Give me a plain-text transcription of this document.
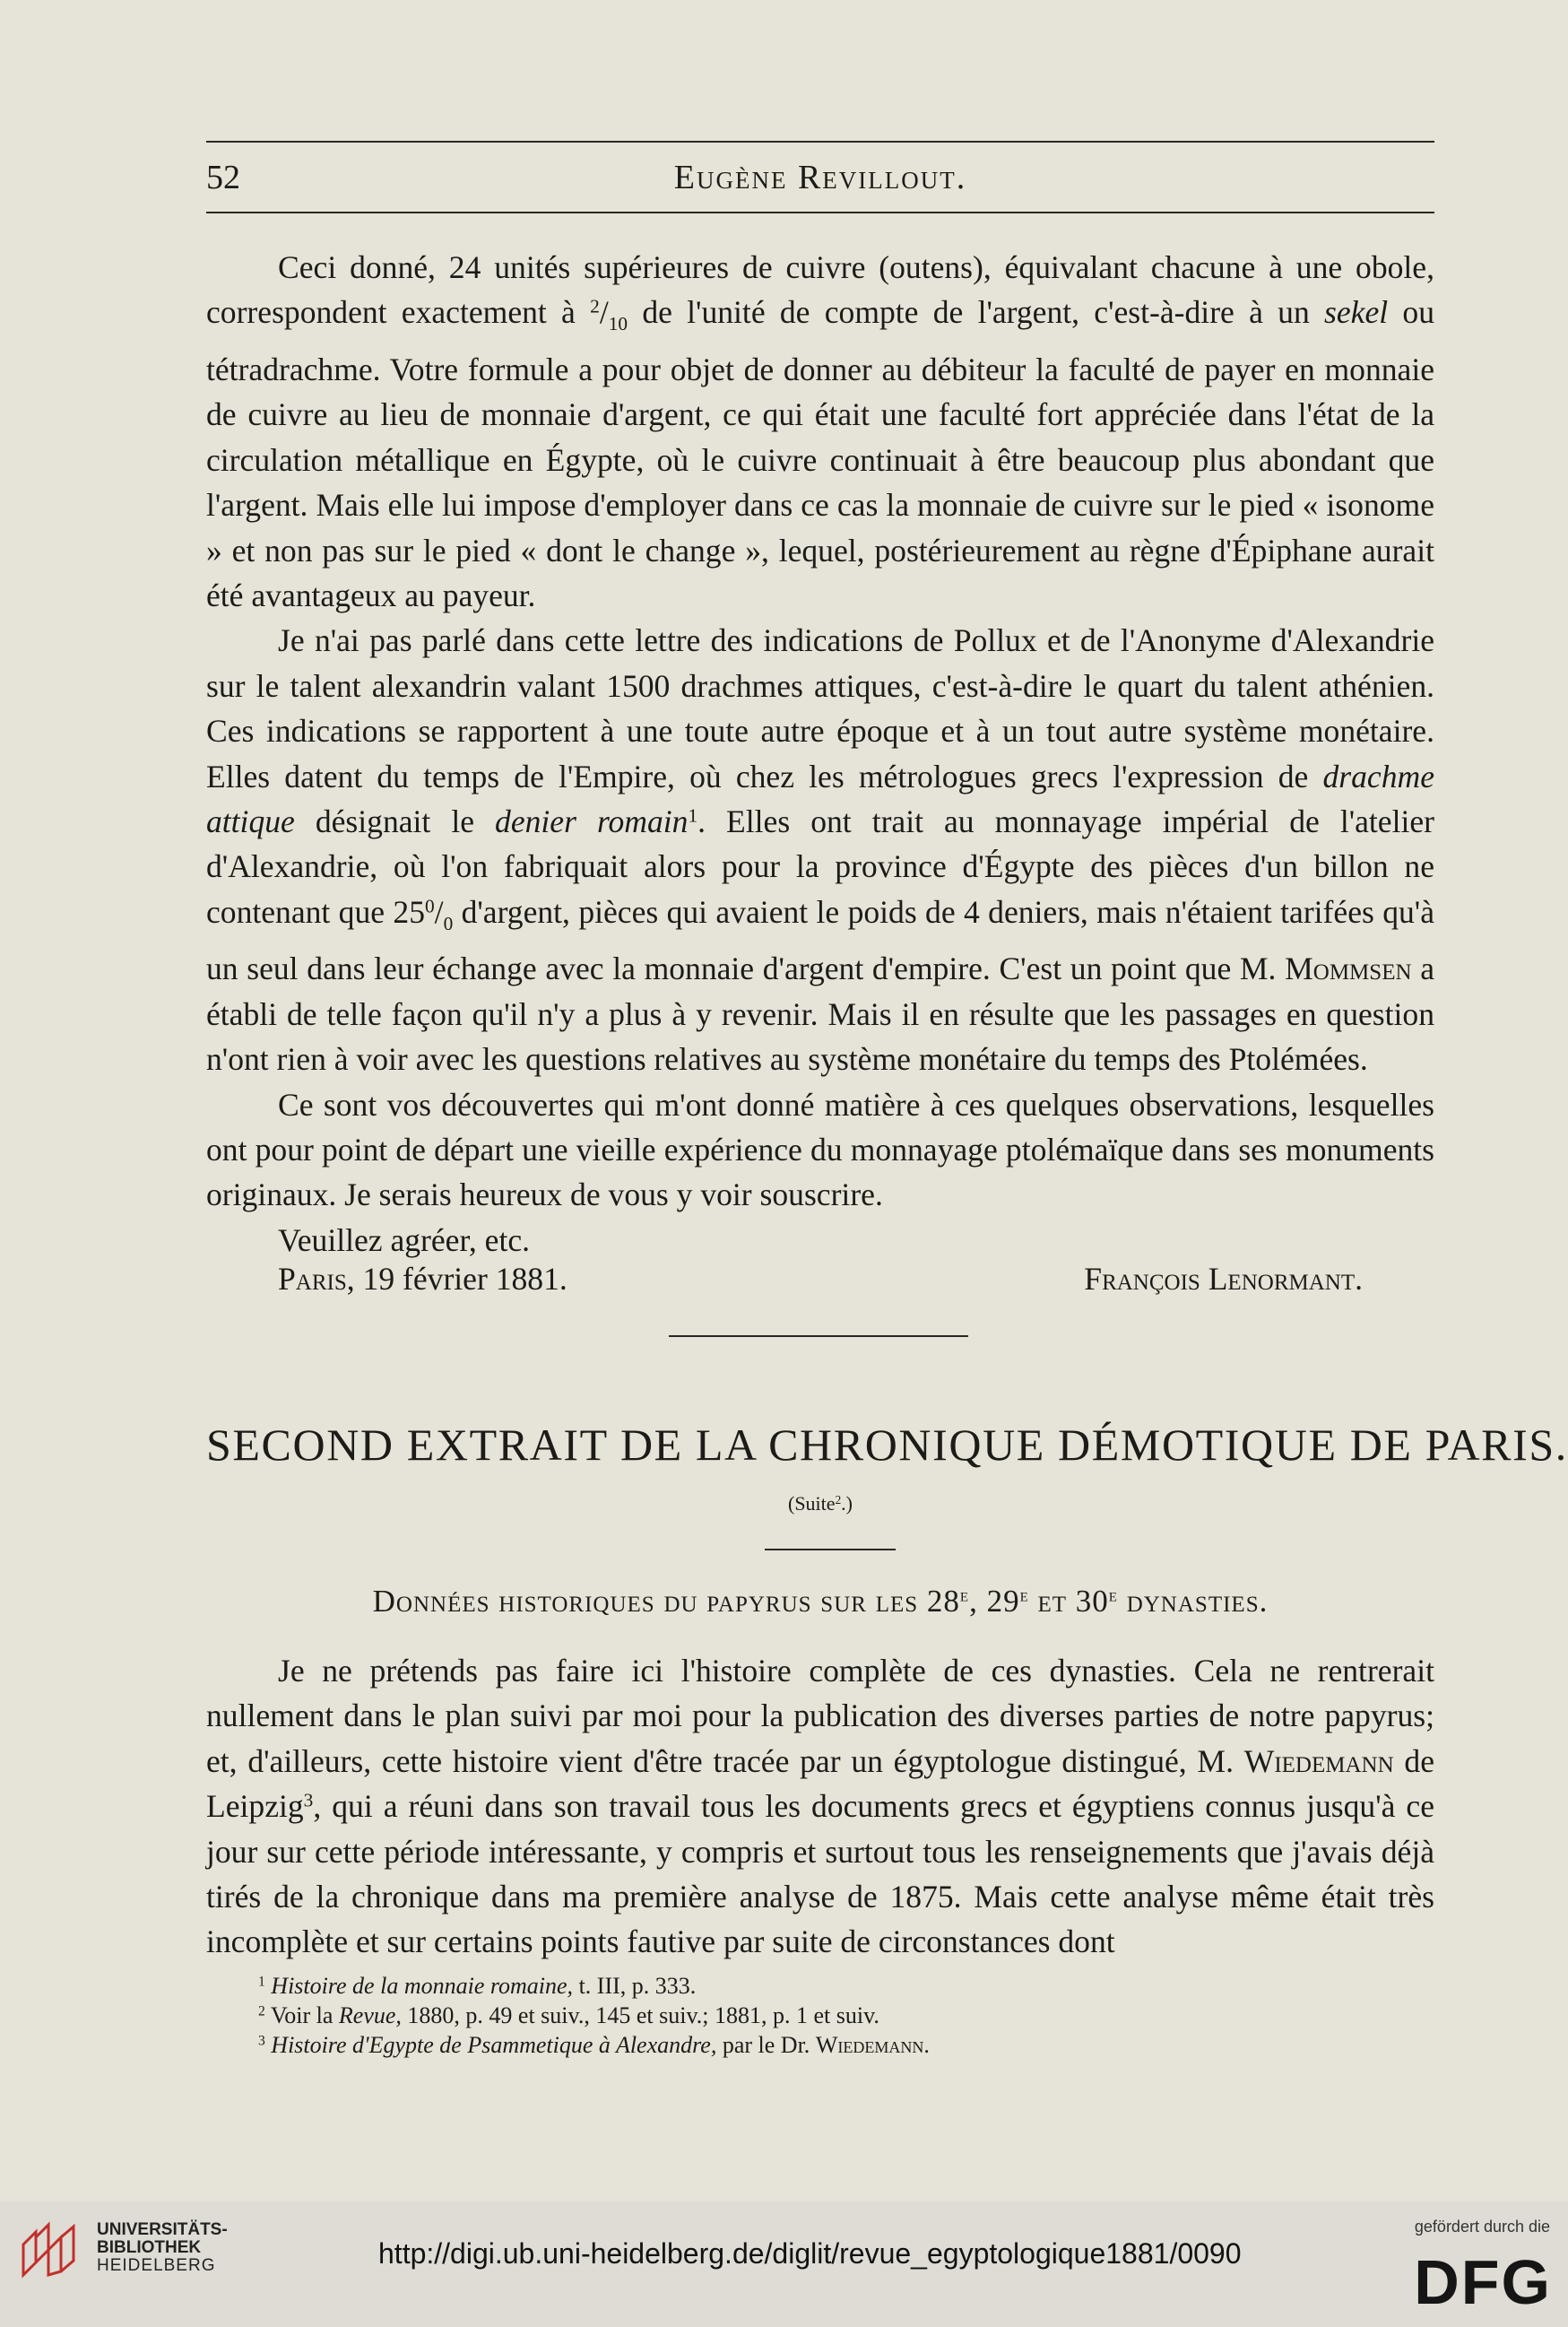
52	Eugène Revillout.

Ceci donné, 24 unités supérieures de cuivre (outens), équivalant chacune à une obole, correspondent exactement à $^2/_{10}$ de l'unité de compte de l'argent, c'est-à-dire à un sekel ou tétradrachme. Votre formule a pour objet de donner au débiteur la faculté de payer en monnaie de cuivre au lieu de monnaie d'argent, ce qui était une faculté fort appréciée dans l'état de la circulation métallique en Égypte, où le cuivre continuait à être beaucoup plus abondant que l'argent. Mais elle lui impose d'employer dans ce cas la monnaie de cuivre sur le pied « isonome » et non pas sur le pied « dont le change », lequel, postérieurement au règne d'Épiphane aurait été avantageux au payeur.

Je n'ai pas parlé dans cette lettre des indications de Pollux et de l'Anonyme d'Alexandrie sur le talent alexandrin valant 1500 drachmes attiques, c'est-à-dire le quart du talent athénien. Ces indications se rapportent à une toute autre époque et à un tout autre système monétaire. Elles datent du temps de l'Empire, où chez les métrologues grecs l'expression de drachme attique désignait le denier romain$^1$. Elles ont trait au monnayage impérial de l'atelier d'Alexandrie, où l'on fabriquait alors pour la province d'Égypte des pièces d'un billon ne contenant que $25^0/_0$ d'argent, pièces qui avaient le poids de 4 deniers, mais n'étaient tarifées qu'à un seul dans leur échange avec la monnaie d'argent d'empire. C'est un point que M. Mommsen a établi de telle façon qu'il n'y a plus à y revenir. Mais il en résulte que les passages en question n'ont rien à voir avec les questions relatives au système monétaire du temps des Ptolémées.

Ce sont vos découvertes qui m'ont donné matière à ces quelques observations, lesquelles ont pour point de départ une vieille expérience du monnayage ptolémaïque dans ses monuments originaux. Je serais heureux de vous y voir souscrire.

Veuillez agréer, etc.

Paris, 19 février 1881.	François Lenormant.
SECOND EXTRAIT DE LA CHRONIQUE DÉMOTIQUE DE PARIS.
(Suite$^2$.)
Données historiques du papyrus sur les 28e, 29e et 30e dynasties.

Je ne prétends pas faire ici l'histoire complète de ces dynasties. Cela ne rentrerait nullement dans le plan suivi par moi pour la publication des diverses parties de notre papyrus; et, d'ailleurs, cette histoire vient d'être tracée par un égyptologue distingué, M. Wiedemann de Leipzig$^3$, qui a réuni dans son travail tous les documents grecs et égyptiens connus jusqu'à ce jour sur cette période intéressante, y compris et surtout tous les renseignements que j'avais déjà tirés de la chronique dans ma première analyse de 1875. Mais cette analyse même était très incomplète et sur certains points fautive par suite de circonstances dont

$^1$ Histoire de la monnaie romaine, t. III, p. 333.
$^2$ Voir la Revue, 1880, p. 49 et suiv., 145 et suiv.; 1881, p. 1 et suiv.
$^3$ Histoire d'Egypte de Psammetique à Alexandre, par le Dr. Wiedemann.
UNIVERSITÄTS-
BIBLIOTHEK
HEIDELBERG	http://digi.ub.uni-heidelberg.de/diglit/revue_egyptologique1881/0090
gefördert durch die
DFG
